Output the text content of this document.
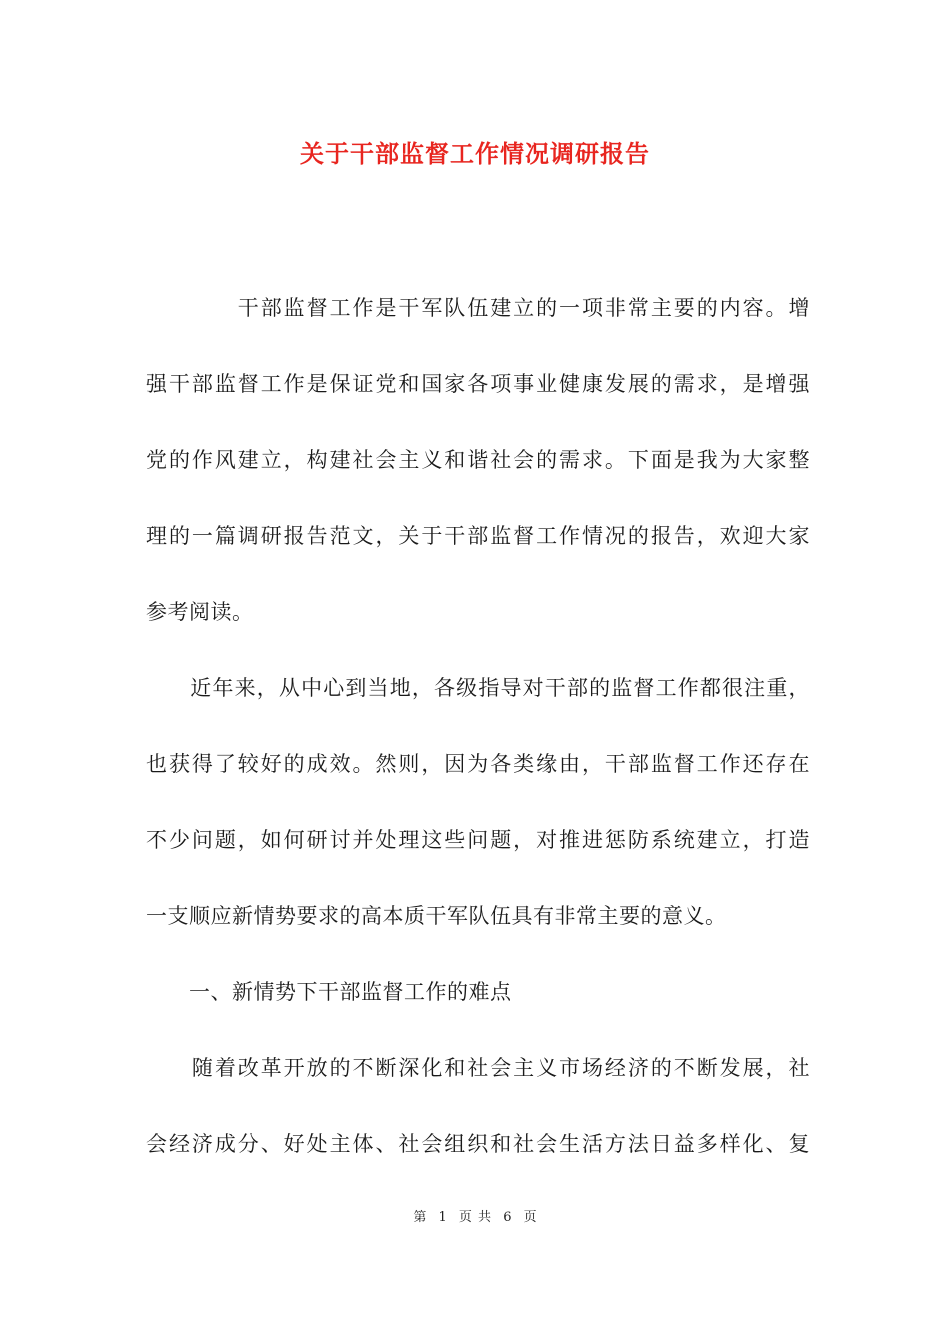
关于干部监督工作情况调研报告
　　　　干部监督工作是干军队伍建立的一项非常主要的内容。增
强干部监督工作是保证党和国家各项事业健康发展的需求，是增强
党的作风建立，构建社会主义和谐社会的需求。下面是我为大家整
理的一篇调研报告范文，关于干部监督工作情况的报告，欢迎大家
参考阅读。
　　近年来，从中心到当地，各级指导对干部的监督工作都很注重，
也获得了较好的成效。然则，因为各类缘由，干部监督工作还存在
不少问题，如何研讨并处理这些问题，对推进惩防系统建立，打造
一支顺应新情势要求的高本质干军队伍具有非常主要的意义。
　　一、新情势下干部监督工作的难点
　　随着改革开放的不断深化和社会主义市场经济的不断发展，社
会经济成分、好处主体、社会组织和社会生活方法日益多样化、复
第 1 页 共 6 页
